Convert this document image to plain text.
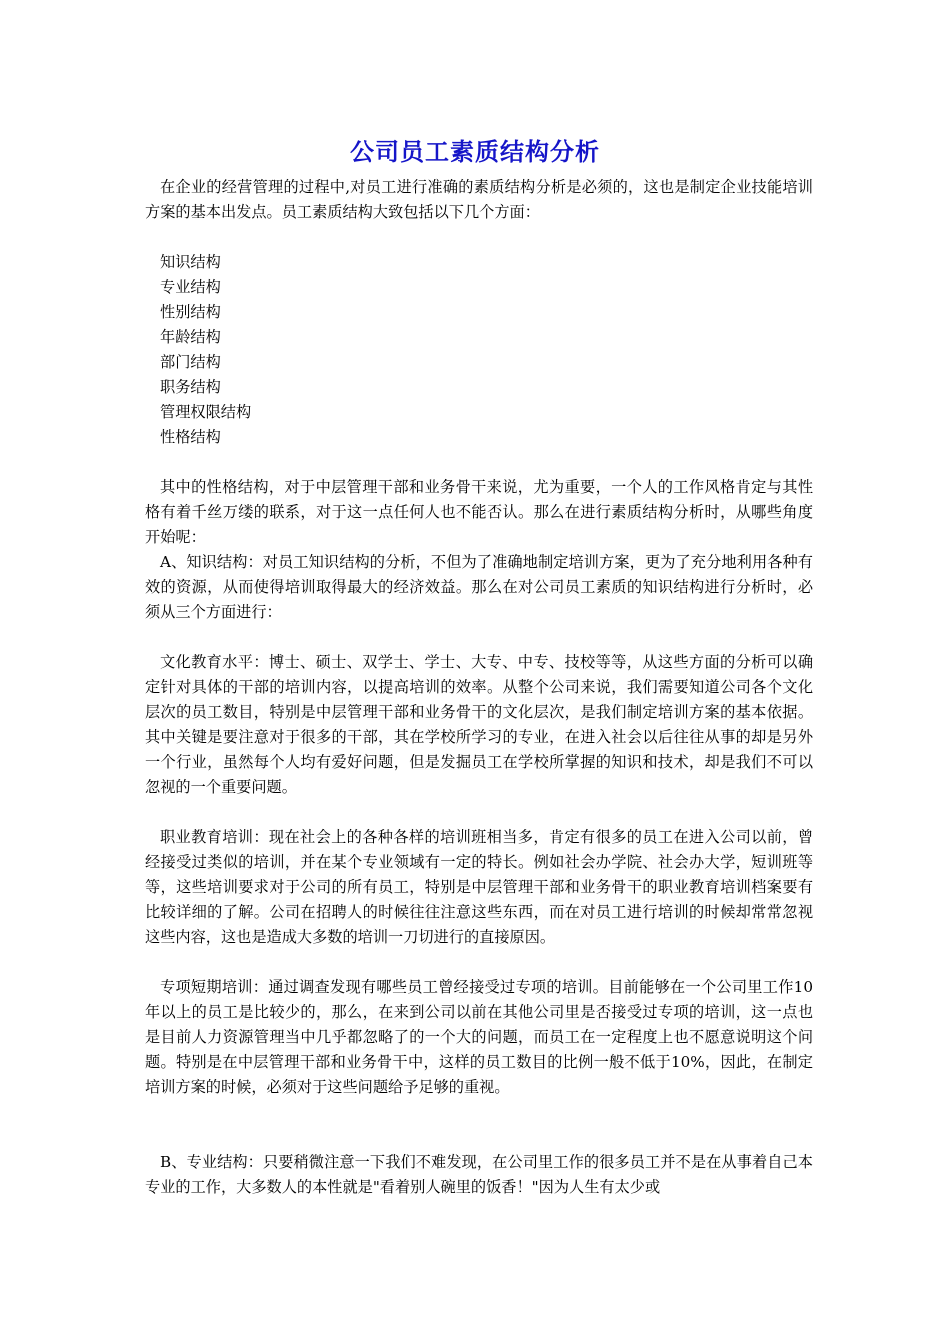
公司员工素质结构分析

在企业的经营管理的过程中,对员工进行准确的素质结构分析是必须的，这也是制定企业技能培训方案的基本出发点。员工素质结构大致包括以下几个方面：

知识结构
专业结构
性别结构
年龄结构
部门结构
职务结构
管理权限结构
性格结构

其中的性格结构，对于中层管理干部和业务骨干来说，尤为重要，一个人的工作风格肯定与其性格有着千丝万缕的联系，对于这一点任何人也不能否认。那么在进行素质结构分析时，从哪些角度开始呢：

A、知识结构：对员工知识结构的分析，不但为了准确地制定培训方案，更为了充分地利用各种有效的资源，从而使得培训取得最大的经济效益。那么在对公司员工素质的知识结构进行分析时，必须从三个方面进行：

文化教育水平：博士、硕士、双学士、学士、大专、中专、技校等等，从这些方面的分析可以确定针对具体的干部的培训内容，以提高培训的效率。从整个公司来说，我们需要知道公司各个文化层次的员工数目，特别是中层管理干部和业务骨干的文化层次，是我们制定培训方案的基本依据。其中关键是要注意对于很多的干部，其在学校所学习的专业，在进入社会以后往往从事的却是另外一个行业，虽然每个人均有爱好问题，但是发掘员工在学校所掌握的知识和技术，却是我们不可以忽视的一个重要问题。

职业教育培训：现在社会上的各种各样的培训班相当多，肯定有很多的员工在进入公司以前，曾经接受过类似的培训，并在某个专业领域有一定的特长。例如社会办学院、社会办大学，短训班等等，这些培训要求对于公司的所有员工，特别是中层管理干部和业务骨干的职业教育培训档案要有比较详细的了解。公司在招聘人的时候往往注意这些东西，而在对员工进行培训的时候却常常忽视这些内容，这也是造成大多数的培训一刀切进行的直接原因。

专项短期培训：通过调查发现有哪些员工曾经接受过专项的培训。目前能够在一个公司里工作10年以上的员工是比较少的，那么，在来到公司以前在其他公司里是否接受过专项的培训，这一点也是目前人力资源管理当中几乎都忽略了的一个大的问题，而员工在一定程度上也不愿意说明这个问题。特别是在中层管理干部和业务骨干中，这样的员工数目的比例一般不低于10%，因此，在制定培训方案的时候，必须对于这些问题给予足够的重视。

B、专业结构：只要稍微注意一下我们不难发现，在公司里工作的很多员工并不是在从事着自己本专业的工作，大多数人的本性就是"看着别人碗里的饭香！"因为人生有太少或
